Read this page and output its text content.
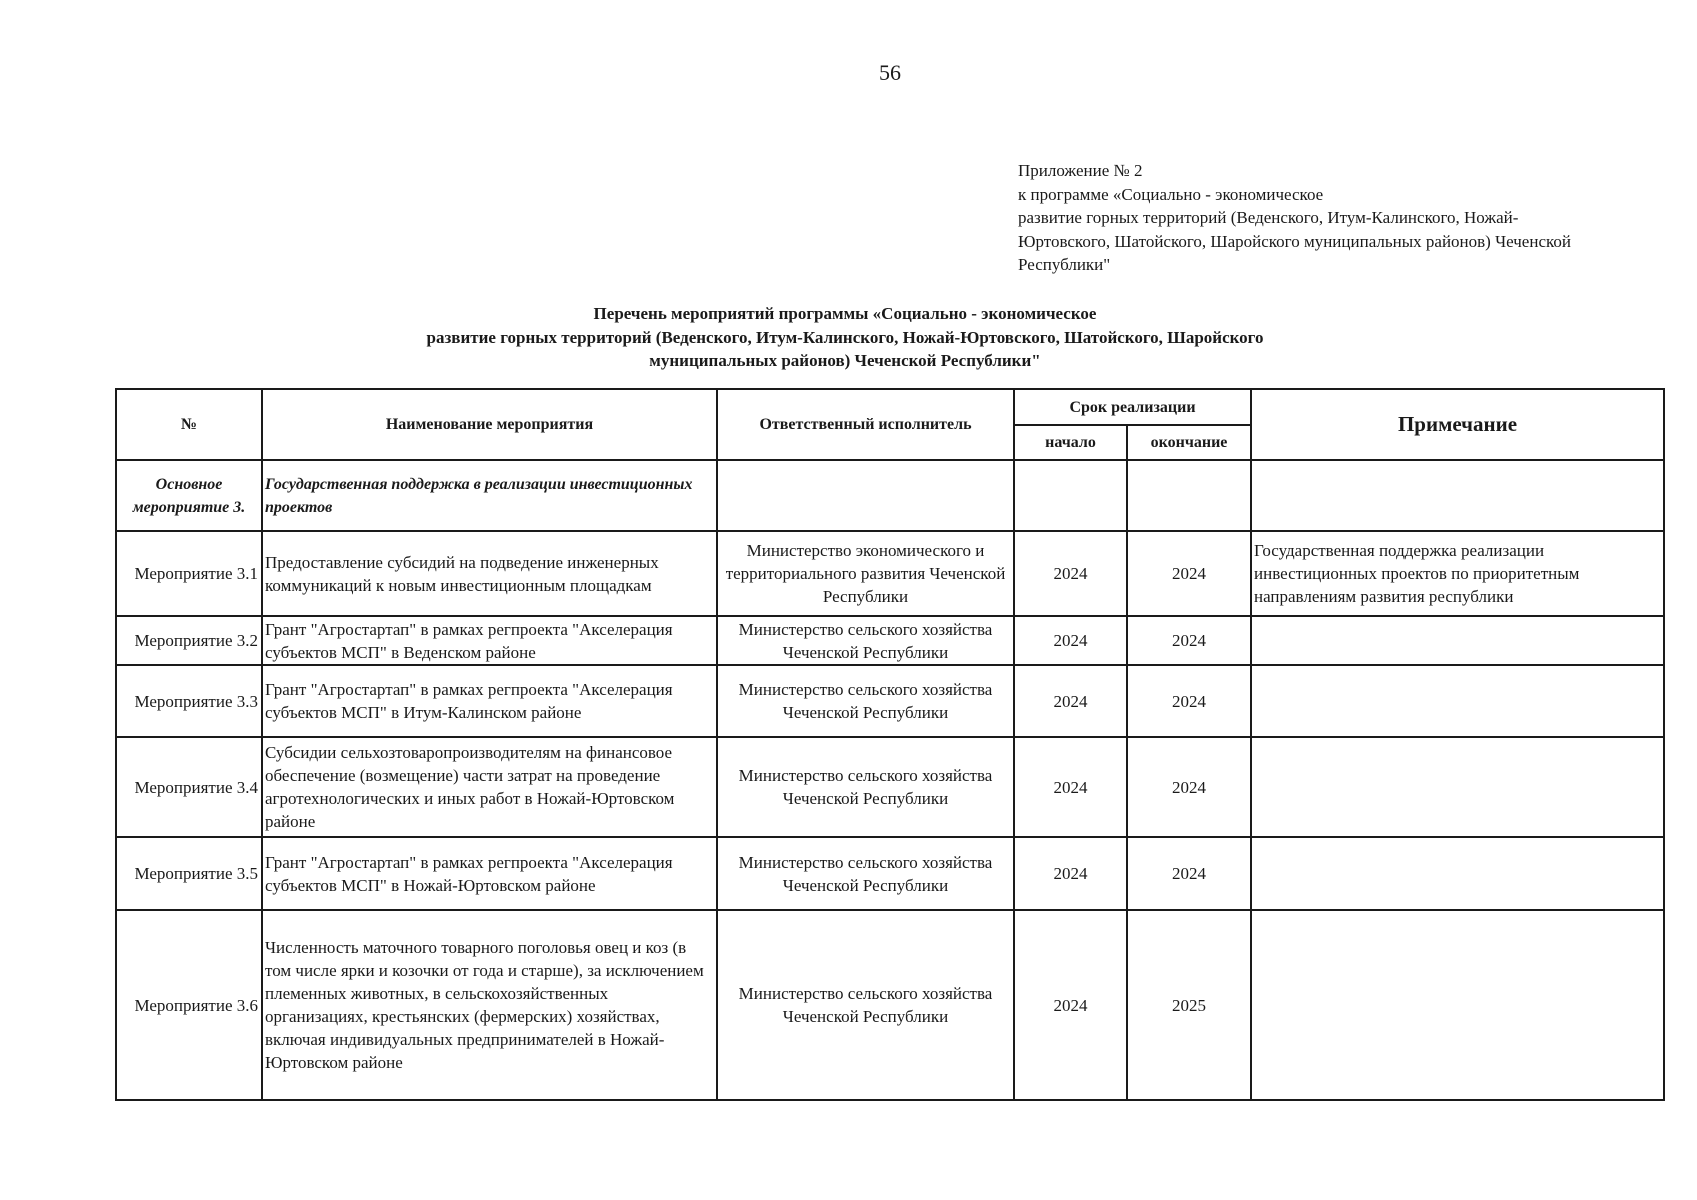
56
Приложение № 2
к программе «Социально - экономическое
развитие горных территорий (Веденского, Итум-Калинского, Ножай-
Юртовского, Шатойского, Шаройского муниципальных районов) Чеченской
Республики"
Перечень мероприятий программы «Социально - экономическое
развитие горных территорий (Веденского, Итум-Калинского, Ножай-Юртовского, Шатойского, Шаройского
муниципальных районов) Чеченской Республики"
№	Наименование мероприятия	Ответственный исполнитель	Срок реализации		Примечание
			начало	окончание	
Основное мероприятие 3.	Государственная поддержка в реализации инвестиционных проектов				
Мероприятие 3.1	Предоставление субсидий на подведение инженерных коммуникаций к новым инвестиционным площадкам	Министерство экономического и территориального развития Чеченской Республики	2024	2024	Государственная поддержка реализации инвестиционных проектов по приоритетным направлениям развития республики
Мероприятие 3.2	Грант "Агростартап" в рамках регпроекта "Акселерация субъектов МСП" в Веденском районе	Министерство сельского хозяйства Чеченской Республики	2024	2024	
Мероприятие 3.3	Грант "Агростартап" в рамках регпроекта "Акселерация субъектов МСП" в Итум-Калинском районе	Министерство сельского хозяйства Чеченской Республики	2024	2024	
Мероприятие 3.4	Субсидии сельхозтоваропроизводителям на финансовое обеспечение (возмещение) части затрат на проведение агротехнологических и иных работ в Ножай-Юртовском районе	Министерство сельского хозяйства Чеченской Республики	2024	2024	
Мероприятие 3.5	Грант "Агростартап" в рамках регпроекта "Акселерация субъектов МСП" в Ножай-Юртовском районе	Министерство сельского хозяйства Чеченской Республики	2024	2024	
Мероприятие 3.6	Численность маточного товарного поголовья овец и коз (в том числе ярки и козочки от года и старше), за исключением племенных животных, в сельскохозяйственных организациях, крестьянских (фермерских) хозяйствах, включая индивидуальных предпринимателей в Ножай-Юртовском районе	Министерство сельского хозяйства Чеченской Республики	2024	2025	
